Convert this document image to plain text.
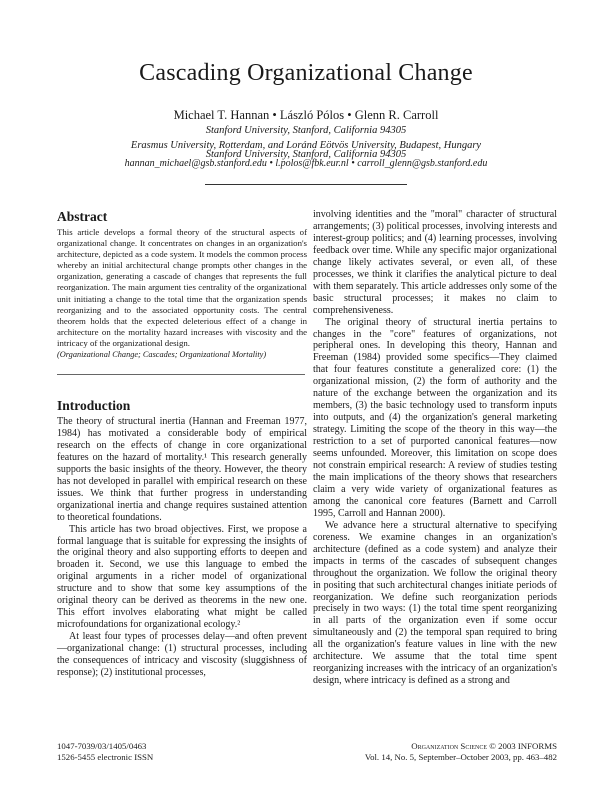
Cascading Organizational Change
Michael T. Hannan • László Pólos • Glenn R. Carroll
Stanford University, Stanford, California 94305
Erasmus University, Rotterdam, and Loránd Eötvös University, Budapest, Hungary
Stanford University, Stanford, California 94305
hannan_michael@gsb.stanford.edu • l.polos@fbk.eur.nl • carroll_glenn@gsb.stanford.edu
Abstract

This article develops a formal theory of the structural aspects of organizational change. It concentrates on changes in an organization's architecture, depicted as a code system. It models the common process whereby an initial architectural change prompts other changes in the organization, generating a cascade of changes that represents the full reorganization. The main argument ties centrality of the organizational unit initiating a change to the total time that the organization spends reorganizing and to the associated opportunity costs. The central theorem holds that the expected deleterious effect of a change in architecture on the mortality hazard increases with viscosity and the intricacy of the organizational design.

(Organizational Change; Cascades; Organizational Mortality)

Introduction

The theory of structural inertia (Hannan and Freeman 1977, 1984) has motivated a considerable body of empirical research on the effects of change in core organizational features on the hazard of mortality.¹ This research generally supports the basic insights of the theory. However, the theory has not developed in parallel with empirical research on these issues. We think that further progress in understanding organizational inertia and change requires sustained attention to theoretical foundations.

This article has two broad objectives. First, we propose a formal language that is suitable for expressing the insights of the original theory and also supporting efforts to deepen and broaden it. Second, we use this language to embed the original arguments in a richer model of organizational structure and to show that some key assumptions of the original theory can be derived as theorems in the new one. This effort involves elaborating what might be called microfoundations for organizational ecology.²

At least four types of processes delay—and often prevent—organizational change: (1) structural processes, including the consequences of intricacy and viscosity (sluggishness of response); (2) institutional processes,

involving identities and the "moral" character of structural arrangements; (3) political processes, involving interests and interest-group politics; and (4) learning processes, involving feedback over time. While any specific major organizational change likely activates several, or even all, of these processes, we think it clarifies the analytical picture to deal with them separately. This article addresses only some of the basic structural processes; it makes no claim to comprehensiveness.

The original theory of structural inertia pertains to changes in the "core" features of organizations, not peripheral ones. In developing this theory, Hannan and Freeman (1984) provided some specifics—They claimed that four features constitute a generalized core: (1) the organizational mission, (2) the form of authority and the nature of the exchange between the organization and its members, (3) the basic technology used to transform inputs into outputs, and (4) the organization's general marketing strategy. Limiting the scope of the theory in this way—the restriction to a set of purported canonical features—now seems unfounded. Moreover, this limitation on scope does not constrain empirical research: A review of studies testing the main implications of the theory shows that researchers claim a very wide variety of organizational features as among the canonical core features (Barnett and Carroll 1995, Carroll and Hannan 2000).

We advance here a structural alternative to specifying coreness. We examine changes in an organization's architecture (defined as a code system) and analyze their impacts in terms of the cascades of subsequent changes throughout the organization. We follow the original theory in positing that such architectural changes initiate periods of reorganization. We define such reorganization periods precisely in two ways: (1) the total time spent reorganizing in all parts of the organization even if some occur simultaneously and (2) the temporal span required to bring all the organization's feature values in line with the new architecture. We assume that the total time spent reorganizing increases with the intricacy of an organization's design, where intricacy is defined as a strong and

1047-7039/03/1405/0463
1526-5455 electronic ISSN
Organization Science © 2003 INFORMS
Vol. 14, No. 5, September–October 2003, pp. 463–482
